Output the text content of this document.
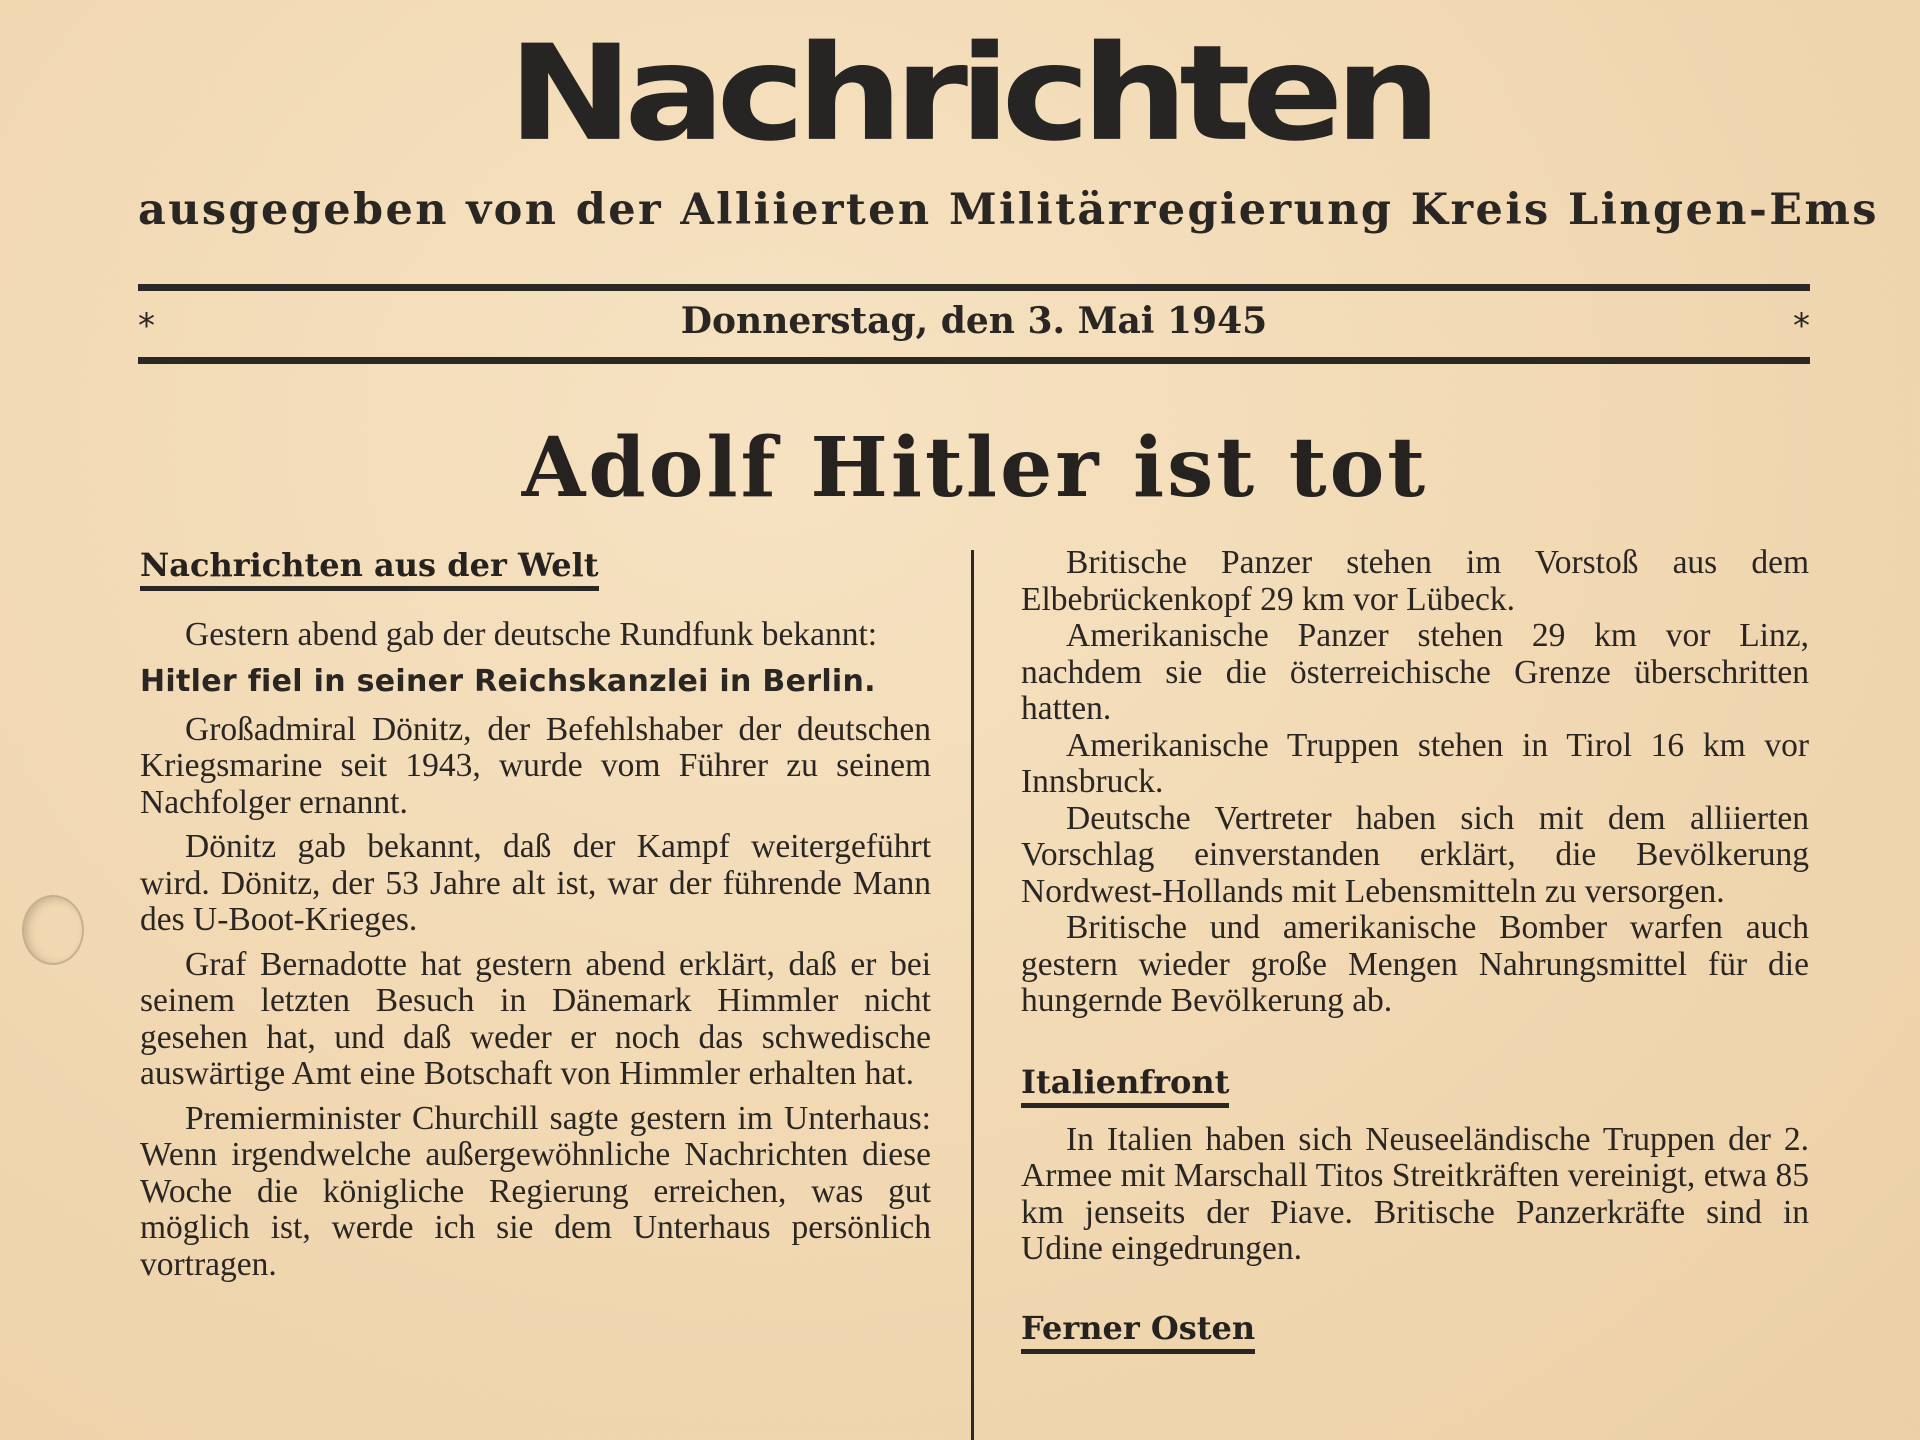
Nachrichten
ausgegeben von der Alliierten Militärregierung Kreis Lingen-Ems
*	Donnerstag, den 3. Mai 1945	*
Adolf Hitler ist tot
Nachrichten aus der Welt

Gestern abend gab der deutsche Rundfunk bekannt:

Hitler fiel in seiner Reichskanzlei in Berlin.

Großadmiral Dönitz, der Befehlshaber der deutschen Kriegsmarine seit 1943, wurde vom Führer zu seinem Nachfolger ernannt.

Dönitz gab bekannt, daß der Kampf weitergeführt wird. Dönitz, der 53 Jahre alt ist, war der führende Mann des U-Boot-Krieges.

Graf Bernadotte hat gestern abend erklärt, daß er bei seinem letzten Besuch in Dänemark Himmler nicht gesehen hat, und daß weder er noch das schwedische auswärtige Amt eine Botschaft von Himmler erhalten hat.

Premierminister Churchill sagte gestern im Unterhaus: Wenn irgendwelche außergewöhnliche Nachrichten diese Woche die königliche Regierung erreichen, was gut möglich ist, werde ich sie dem Unterhaus persönlich vortragen.

Britische Panzer stehen im Vorstoß aus dem Elbebrückenkopf 29 km vor Lübeck.

Amerikanische Panzer stehen 29 km vor Linz, nachdem sie die österreichische Grenze überschritten hatten.

Amerikanische Truppen stehen in Tirol 16 km vor Innsbruck.

Deutsche Vertreter haben sich mit dem alliierten Vorschlag einverstanden erklärt, die Bevölkerung Nordwest-Hollands mit Lebensmitteln zu versorgen.

Britische und amerikanische Bomber warfen auch gestern wieder große Mengen Nahrungsmittel für die hungernde Bevölkerung ab.

Italienfront

In Italien haben sich Neuseeländische Truppen der 2. Armee mit Marschall Titos Streitkräften vereinigt, etwa 85 km jenseits der Piave. Britische Panzerkräfte sind in Udine eingedrungen.

Ferner Osten
